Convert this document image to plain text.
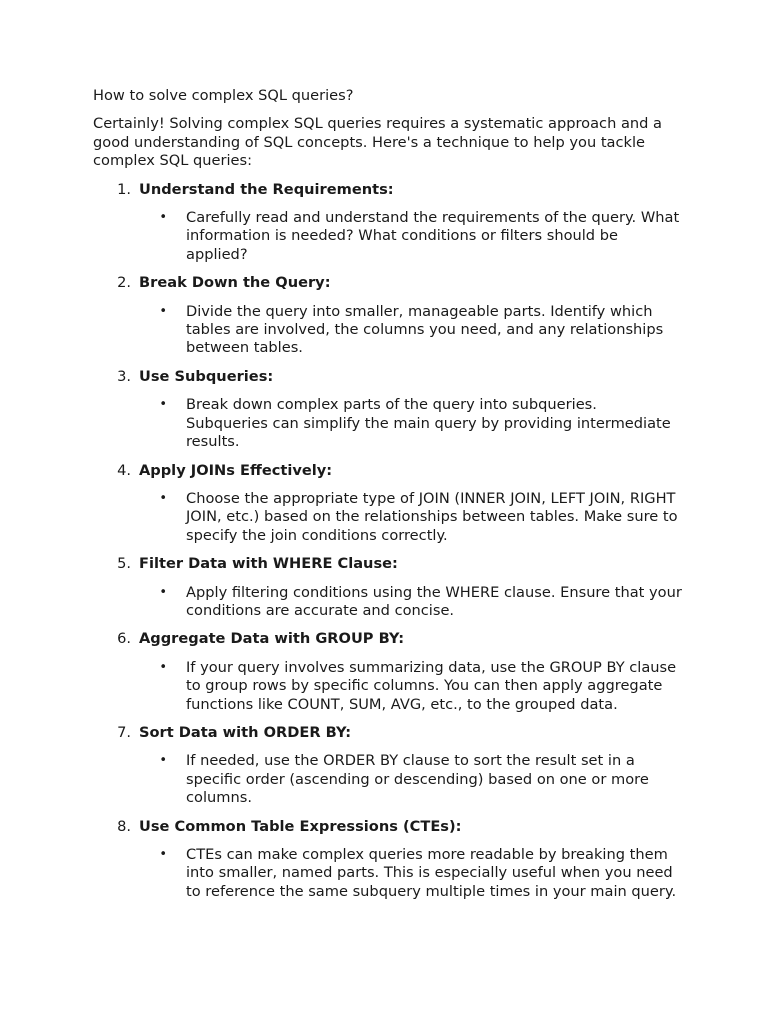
How to solve complex SQL queries?

Certainly! Solving complex SQL queries requires a systematic approach and a good understanding of SQL concepts. Here's a technique to help you tackle complex SQL queries:

1. Understand the Requirements:
•	Carefully read and understand the requirements of the query. What information is needed? What conditions or filters should be applied?
2. Break Down the Query:
•	Divide the query into smaller, manageable parts. Identify which tables are involved, the columns you need, and any relationships between tables.
3. Use Subqueries:
•	Break down complex parts of the query into subqueries. Subqueries can simplify the main query by providing intermediate results.
4. Apply JOINs Effectively:
•	Choose the appropriate type of JOIN (INNER JOIN, LEFT JOIN, RIGHT JOIN, etc.) based on the relationships between tables. Make sure to specify the join conditions correctly.
5. Filter Data with WHERE Clause:
•	Apply filtering conditions using the WHERE clause. Ensure that your conditions are accurate and concise.
6. Aggregate Data with GROUP BY:
•	If your query involves summarizing data, use the GROUP BY clause to group rows by specific columns. You can then apply aggregate functions like COUNT, SUM, AVG, etc., to the grouped data.
7. Sort Data with ORDER BY:
•	If needed, use the ORDER BY clause to sort the result set in a specific order (ascending or descending) based on one or more columns.
8. Use Common Table Expressions (CTEs):
•	CTEs can make complex queries more readable by breaking them into smaller, named parts. This is especially useful when you need to reference the same subquery multiple times in your main query.
